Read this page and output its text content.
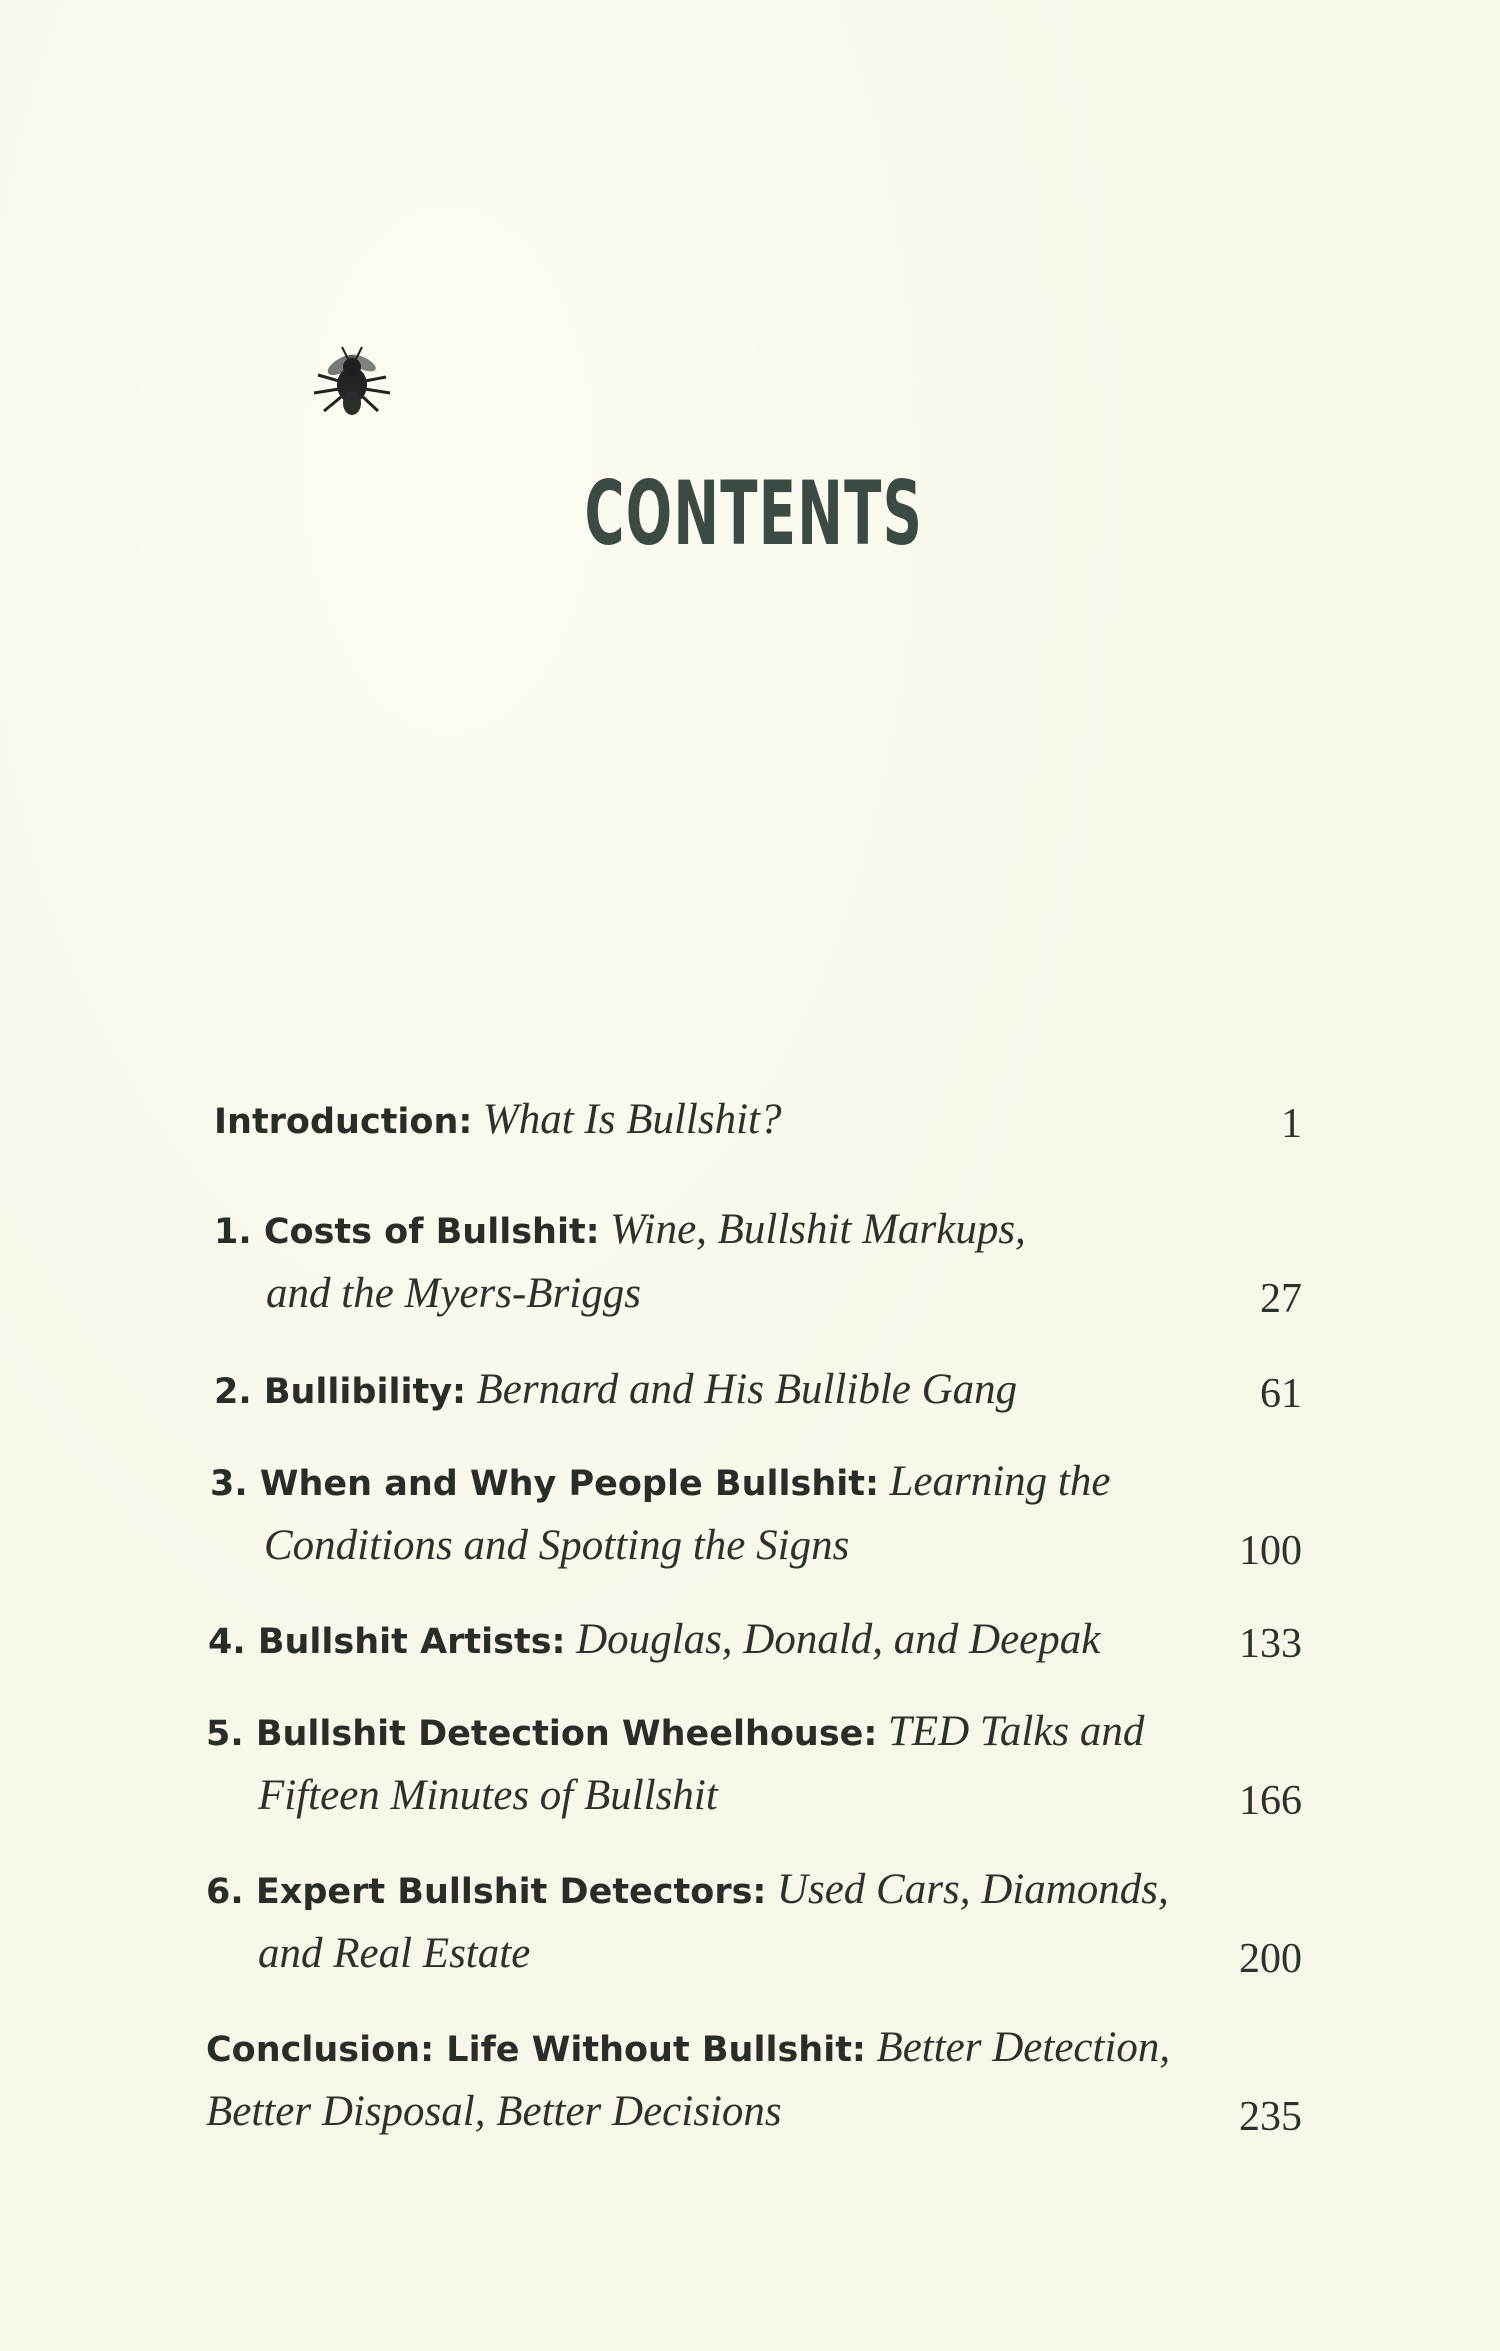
CONTENTS
Introduction: What Is Bullshit?	1
1. Costs of Bullshit: Wine, Bullshit Markups,
and the Myers-Briggs	27
2. Bullibility: Bernard and His Bullible Gang	61
3. When and Why People Bullshit: Learning the
Conditions and Spotting the Signs	100
4. Bullshit Artists: Douglas, Donald, and Deepak	133
5. Bullshit Detection Wheelhouse: TED Talks and
Fifteen Minutes of Bullshit	166
6. Expert Bullshit Detectors: Used Cars, Diamonds,
and Real Estate	200
Conclusion: Life Without Bullshit: Better Detection,
Better Disposal, Better Decisions	235
